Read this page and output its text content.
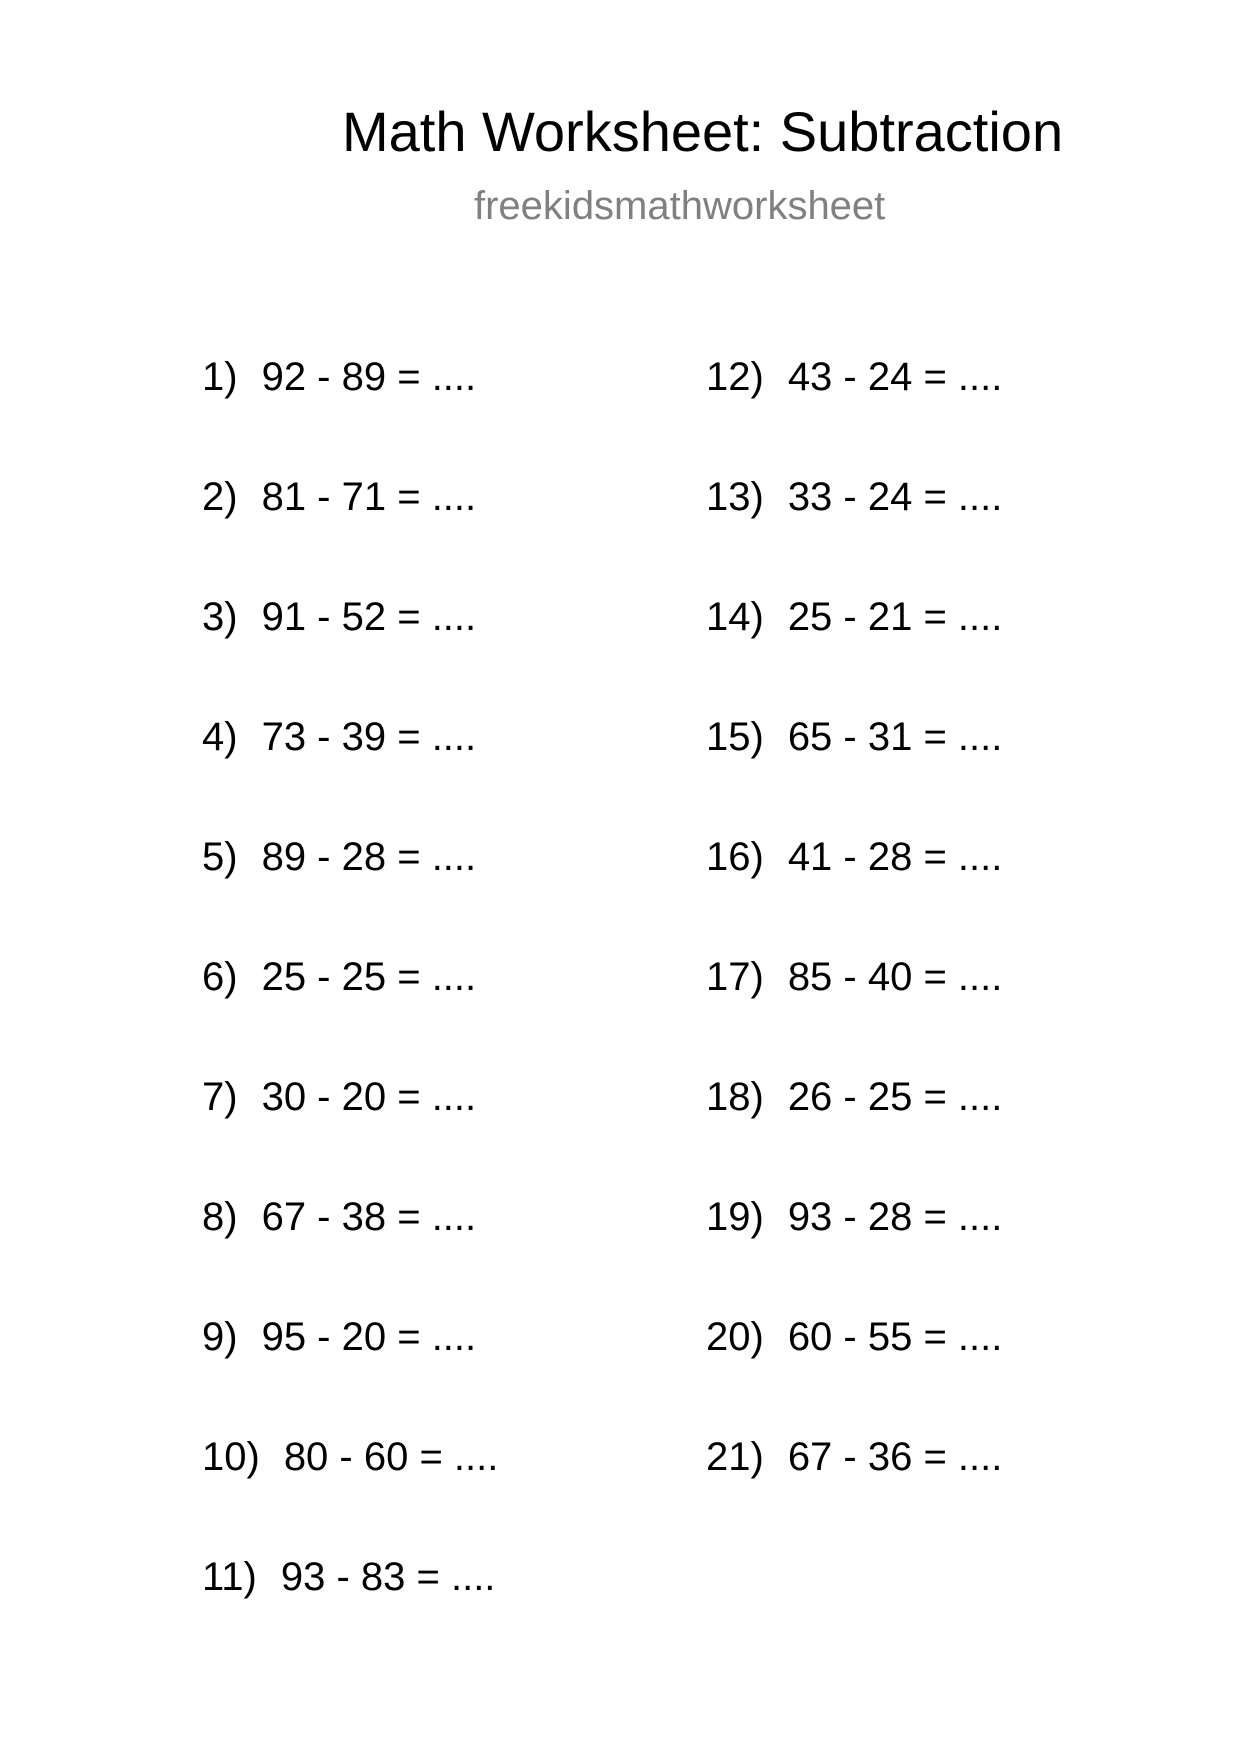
Math Worksheet: Subtraction
freekidsmathworksheet
1) 92 - 89 = ....
2) 81 - 71 = ....
3) 91 - 52 = ....
4) 73 - 39 = ....
5) 89 - 28 = ....
6) 25 - 25 = ....
7) 30 - 20 = ....
8) 67 - 38 = ....
9) 95 - 20 = ....
10) 80 - 60 = ....
11) 93 - 83 = ....
12) 43 - 24 = ....
13) 33 - 24 = ....
14) 25 - 21 = ....
15) 65 - 31 = ....
16) 41 - 28 = ....
17) 85 - 40 = ....
18) 26 - 25 = ....
19) 93 - 28 = ....
20) 60 - 55 = ....
21) 67 - 36 = ....
